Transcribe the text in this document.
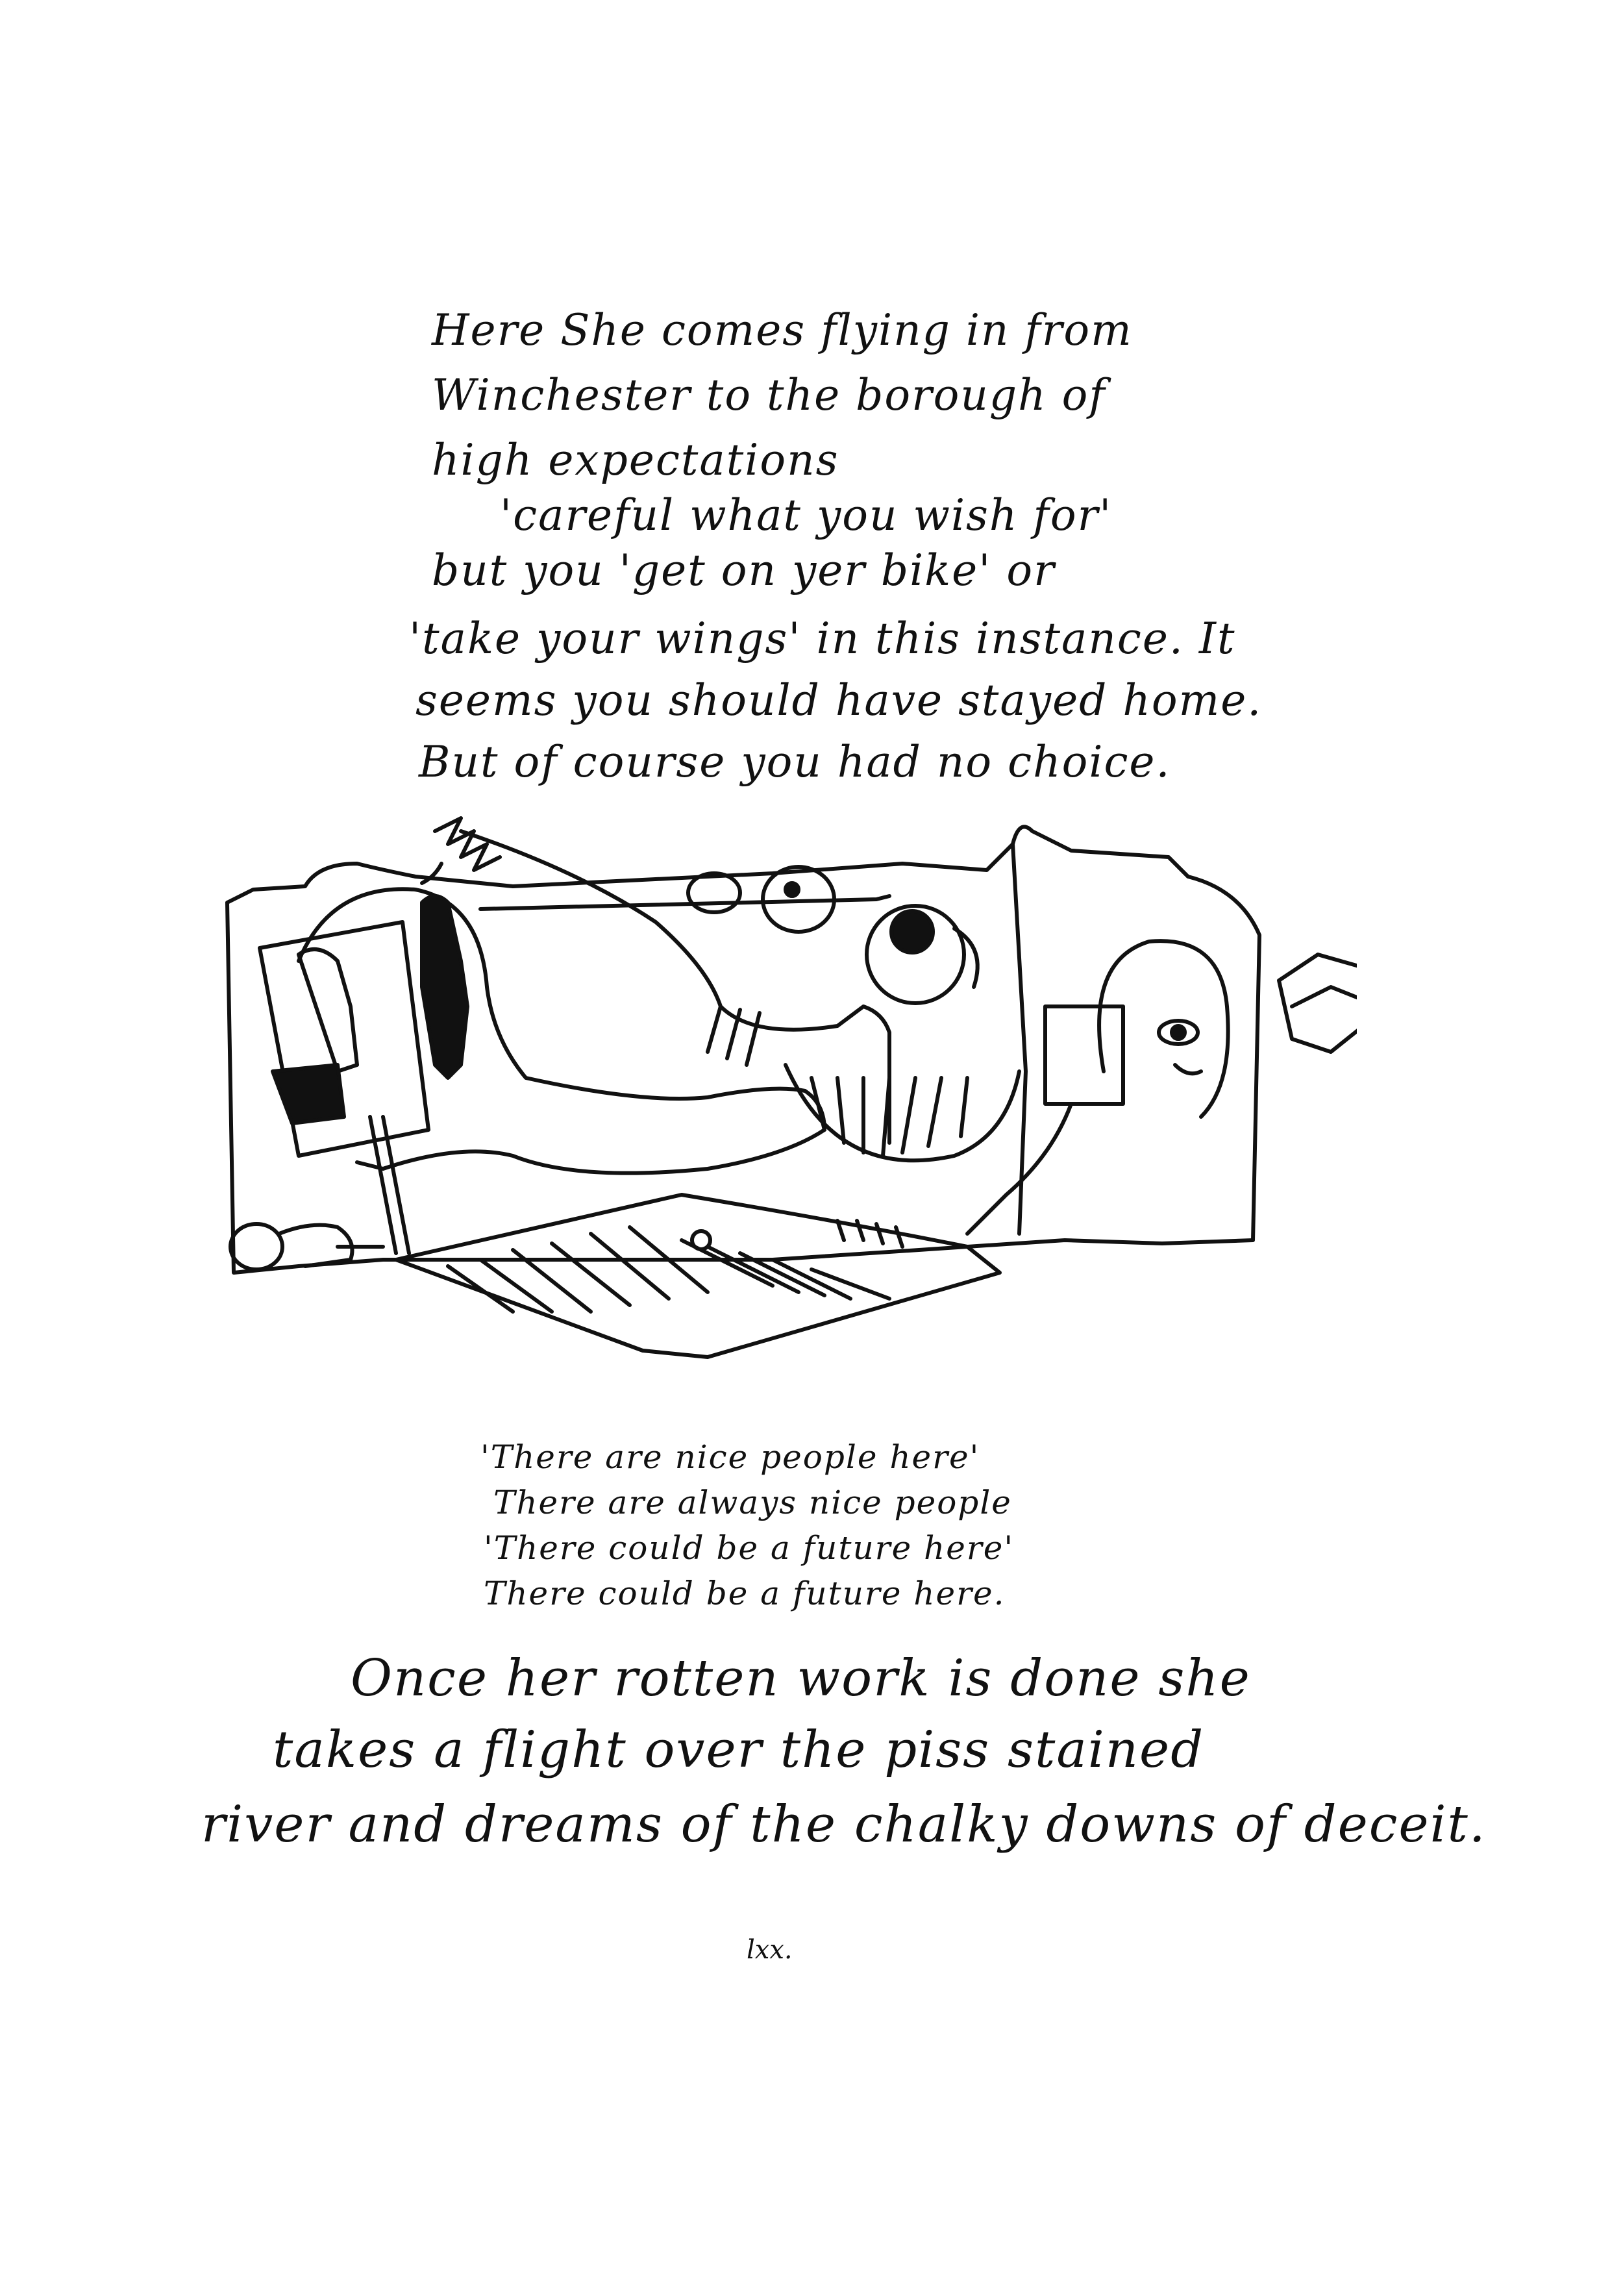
Here She comes flying in from
Winchester to the borough of
high expectations
'careful what you wish for'
but you 'get on yer bike' or
'take your wings' in this instance. It
seems you should have stayed home.
But of course you had no choice.
'There are nice people here'
There are always nice people
'There could be a future here'
There could be a future here.
Once her rotten work is done she
takes a flight over the piss stained
river and dreams of the chalky downs of deceit.
lxx.
